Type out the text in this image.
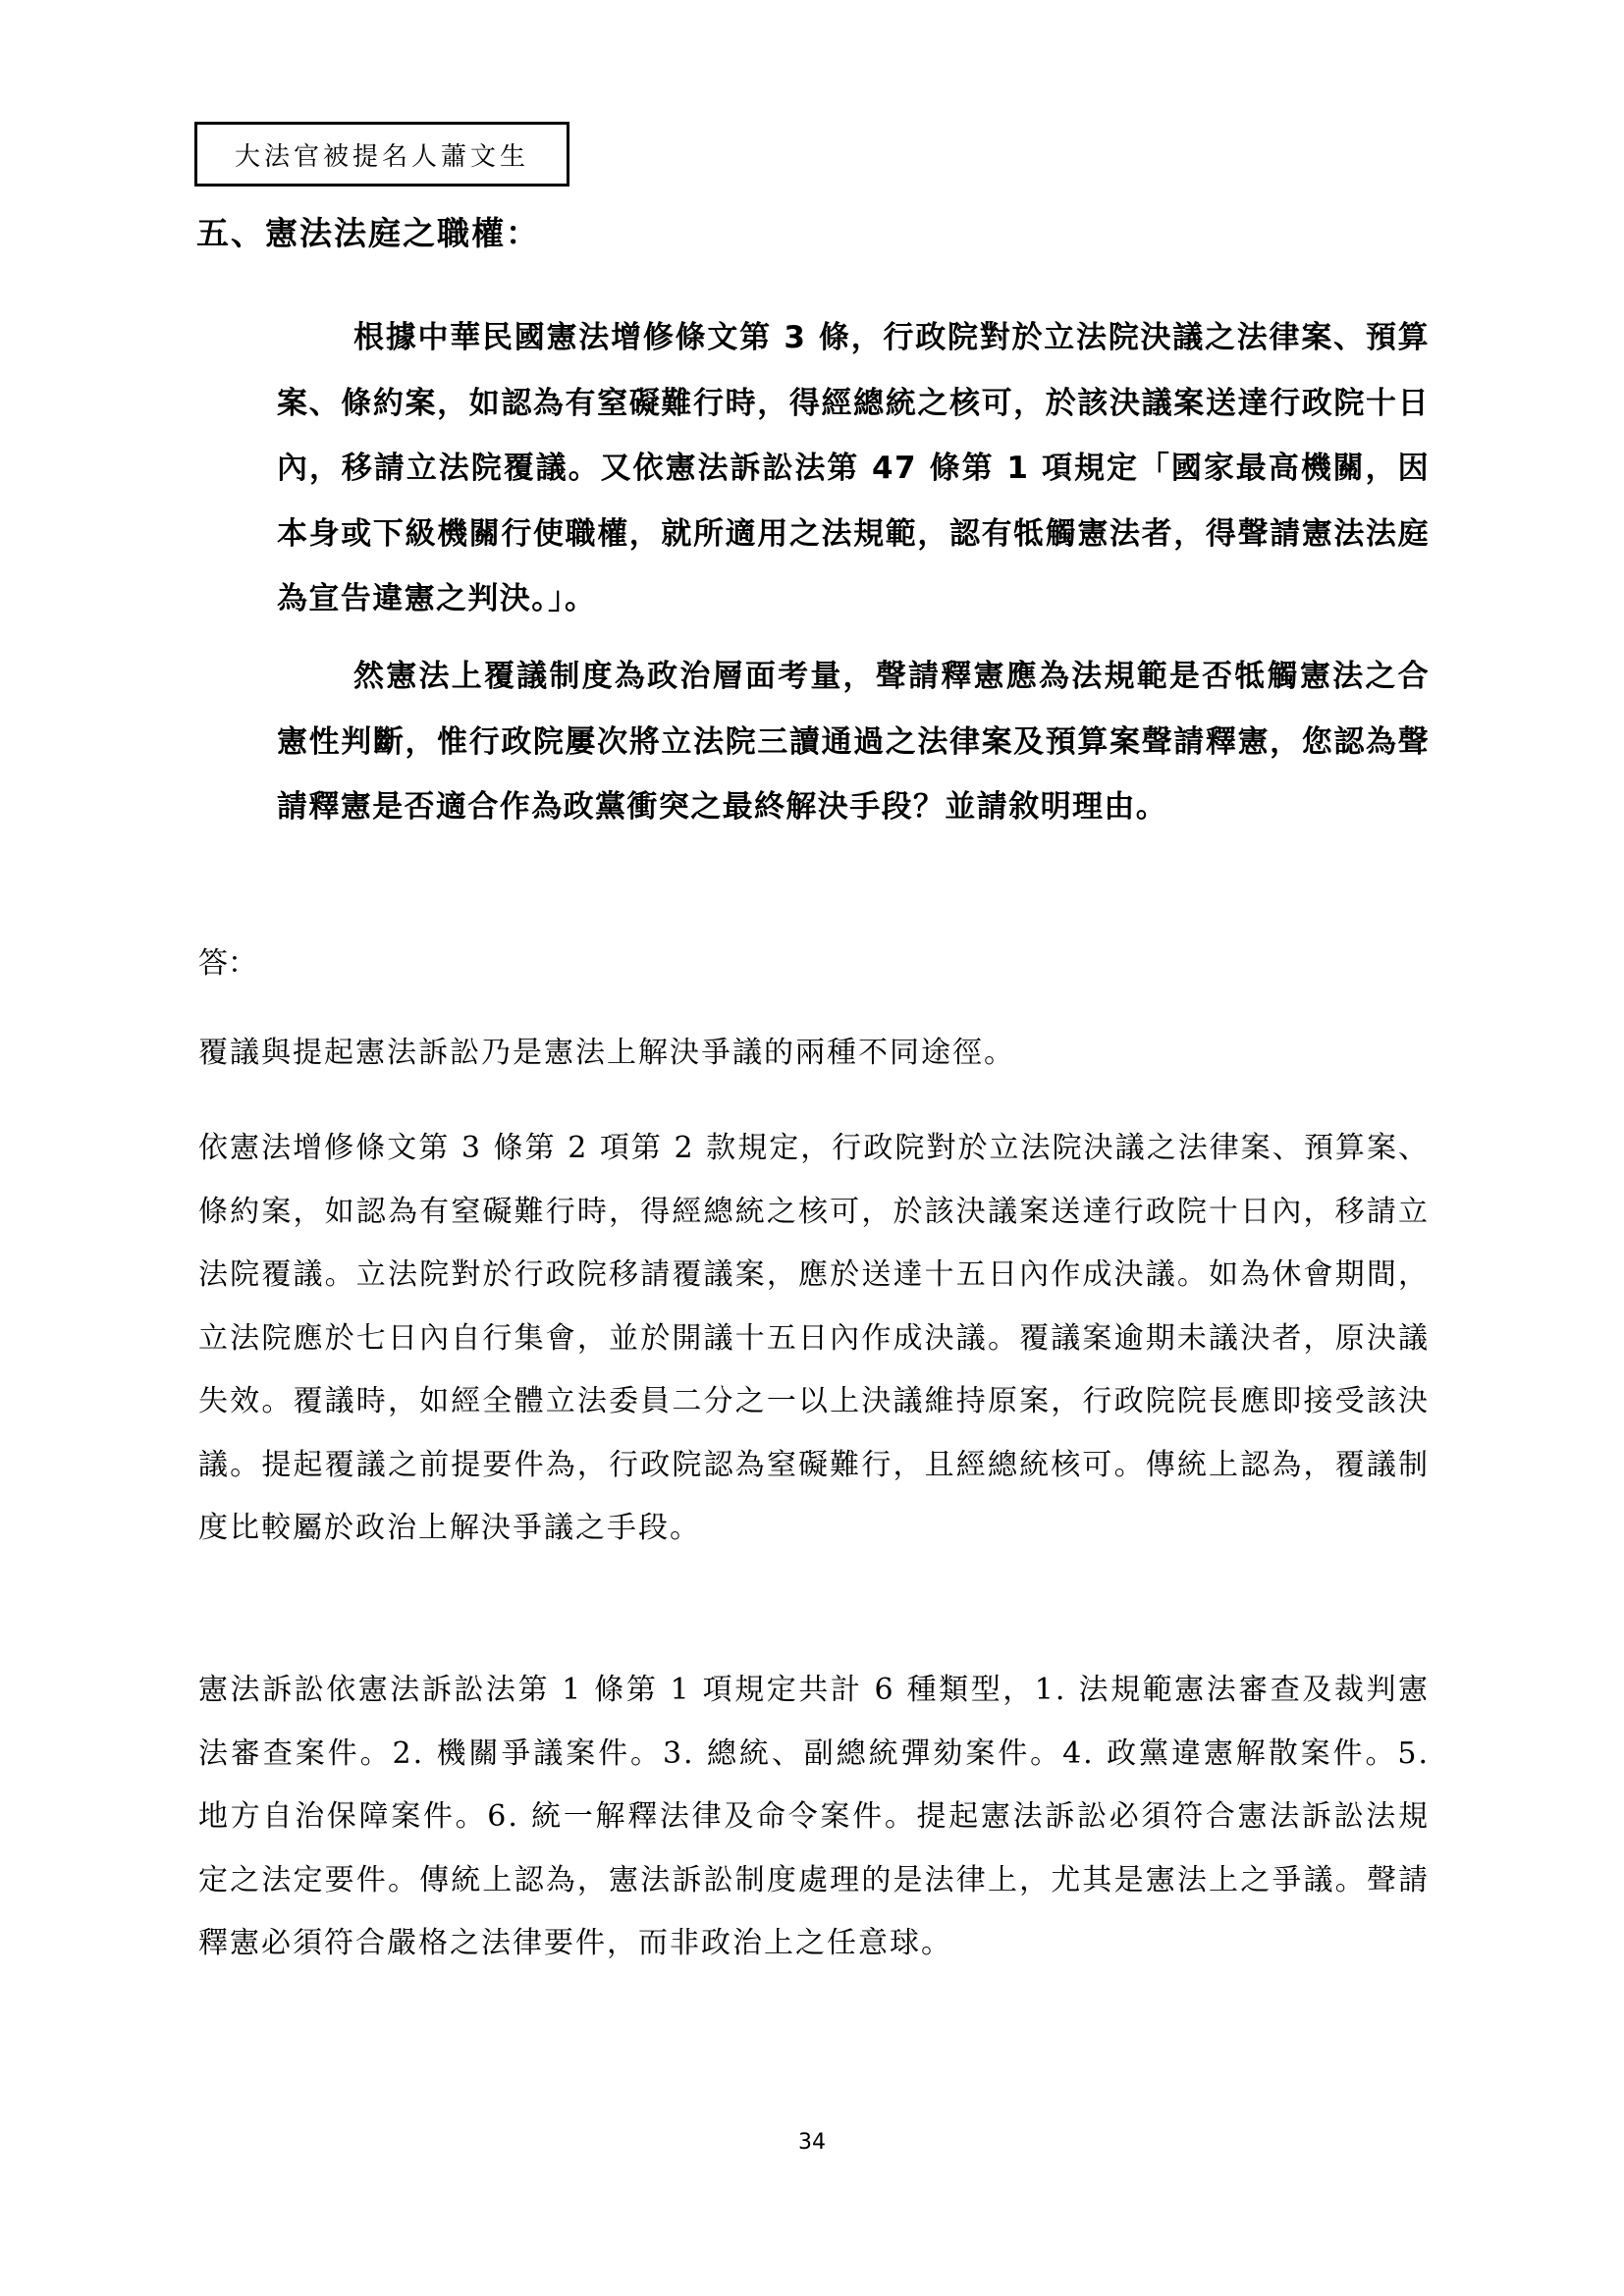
大法官被提名人蕭文生
五、憲法法庭之職權：

根據中華民國憲法增修條文第 3 條，行政院對於立法院決議之法律案、預算案、條約案，如認為有窒礙難行時，得經總統之核可，於該決議案送達行政院十日內，移請立法院覆議。又依憲法訴訟法第 47 條第 1 項規定「國家最高機關，因本身或下級機關行使職權，就所適用之法規範，認有牴觸憲法者，得聲請憲法法庭為宣告違憲之判決。」。

然憲法上覆議制度為政治層面考量，聲請釋憲應為法規範是否牴觸憲法之合憲性判斷，惟行政院屢次將立法院三讀通過之法律案及預算案聲請釋憲，您認為聲請釋憲是否適合作為政黨衝突之最終解決手段？並請敘明理由。

答：

覆議與提起憲法訴訟乃是憲法上解決爭議的兩種不同途徑。

依憲法增修條文第 3 條第 2 項第 2 款規定，行政院對於立法院決議之法律案、預算案、條約案，如認為有窒礙難行時，得經總統之核可，於該決議案送達行政院十日內，移請立法院覆議。立法院對於行政院移請覆議案，應於送達十五日內作成決議。如為休會期間，立法院應於七日內自行集會，並於開議十五日內作成決議。覆議案逾期未議決者，原決議失效。覆議時，如經全體立法委員二分之一以上決議維持原案，行政院院長應即接受該決議。提起覆議之前提要件為，行政院認為窒礙難行，且經總統核可。傳統上認為，覆議制度比較屬於政治上解決爭議之手段。

憲法訴訟依憲法訴訟法第 1 條第 1 項規定共計 6 種類型，1. 法規範憲法審查及裁判憲法審查案件。2. 機關爭議案件。3. 總統、副總統彈劾案件。4. 政黨違憲解散案件。5. 地方自治保障案件。6. 統一解釋法律及命令案件。提起憲法訴訟必須符合憲法訴訟法規定之法定要件。傳統上認為，憲法訴訟制度處理的是法律上，尤其是憲法上之爭議。聲請釋憲必須符合嚴格之法律要件，而非政治上之任意球。

34
